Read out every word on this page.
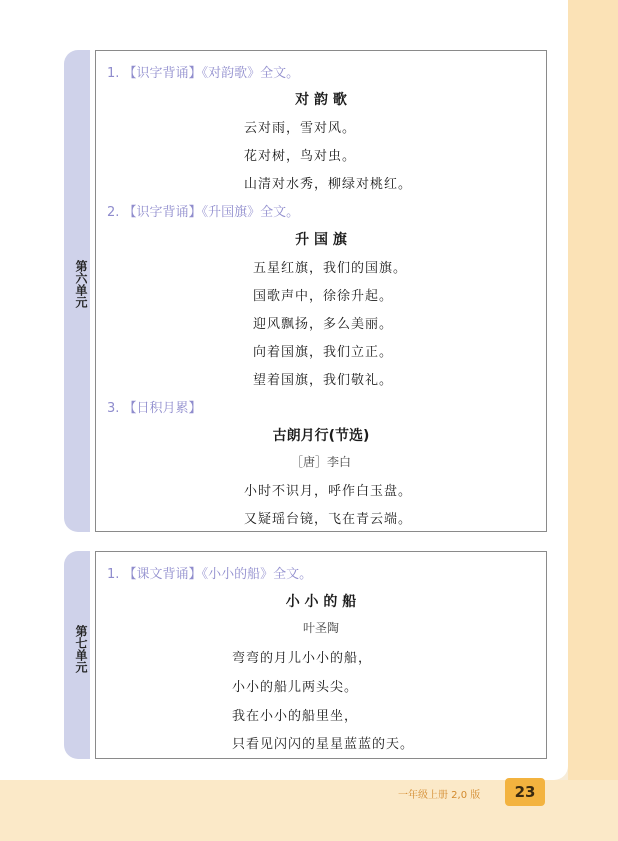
第六单元
1. 【识字背诵】《对韵歌》全文。
对 韵 歌
云对雨，雪对风。
花对树，鸟对虫。
山清对水秀，柳绿对桃红。
2. 【识字背诵】《升国旗》全文。
升 国 旗
五星红旗，我们的国旗。
国歌声中，徐徐升起。
迎风飘扬，多么美丽。
向着国旗，我们立正。
望着国旗，我们敬礼。
3. 【日积月累】
古朗月行(节选)
［唐］李白
小时不识月，呼作白玉盘。
又疑瑶台镜，飞在青云端。
第七单元
1. 【课文背诵】《小小的船》全文。
小 小 的 船
叶圣陶
弯弯的月儿小小的船，
小小的船儿两头尖。
我在小小的船里坐，
只看见闪闪的星星蓝蓝的天。
一年级上册 2,0 版	23
